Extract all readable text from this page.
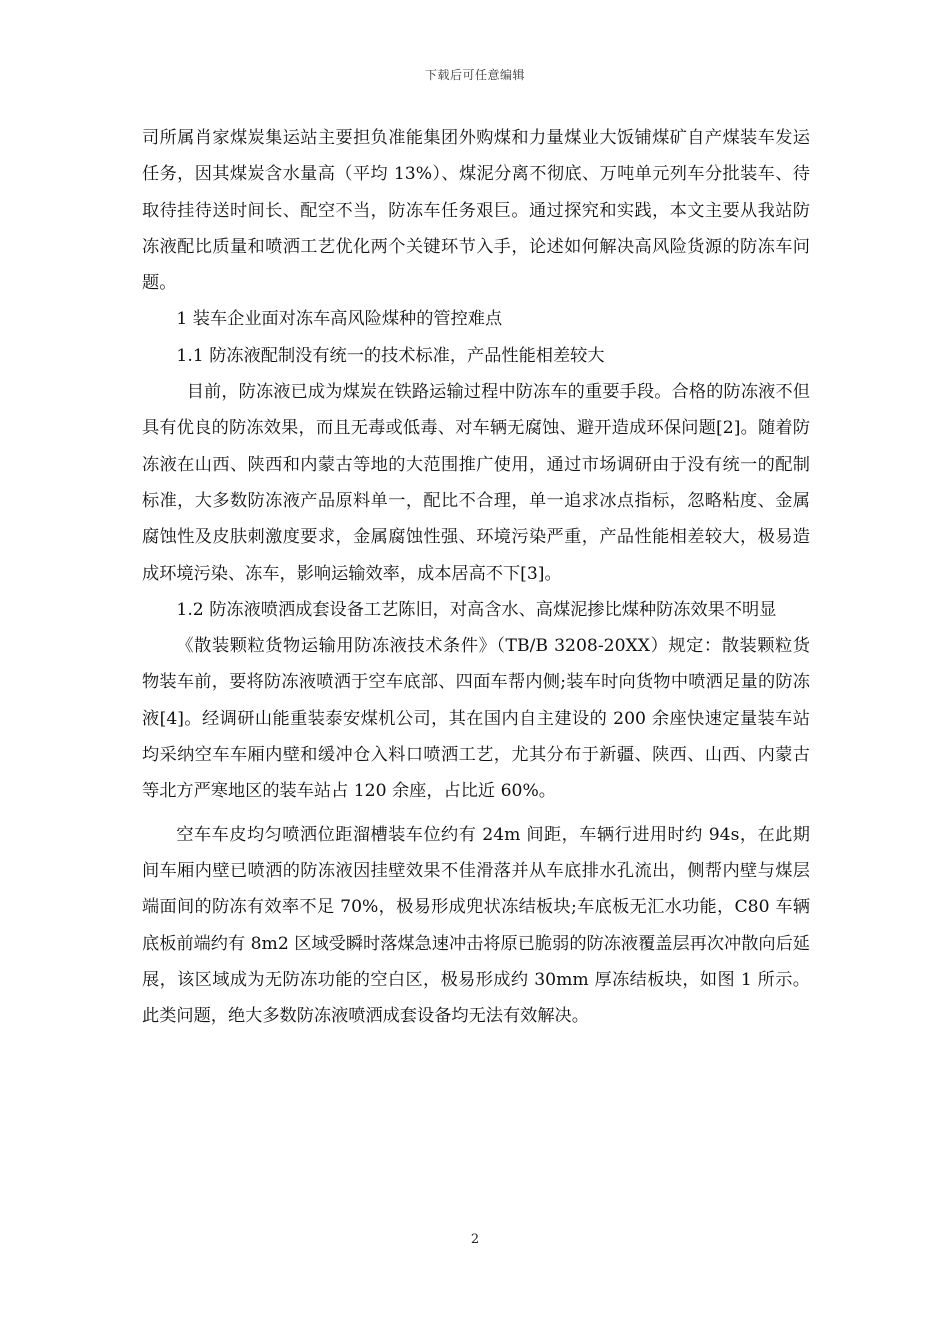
下载后可任意编辑

司所属肖家煤炭集运站主要担负准能集团外购煤和力量煤业大饭铺煤矿自产煤装车发运任务，因其煤炭含水量高（平均 13%）、煤泥分离不彻底、万吨单元列车分批装车、待取待挂待送时间长、配空不当，防冻车任务艰巨。通过探究和实践，本文主要从我站防冻液配比质量和喷洒工艺优化两个关键环节入手，论述如何解决高风险货源的防冻车问题。

1 装车企业面对冻车高风险煤种的管控难点

1.1 防冻液配制没有统一的技术标准，产品性能相差较大

目前，防冻液已成为煤炭在铁路运输过程中防冻车的重要手段。合格的防冻液不但具有优良的防冻效果，而且无毒或低毒、对车辆无腐蚀、避开造成环保问题[2]。随着防冻液在山西、陕西和内蒙古等地的大范围推广使用，通过市场调研由于没有统一的配制标准，大多数防冻液产品原料单一，配比不合理，单一追求冰点指标，忽略粘度、金属腐蚀性及皮肤刺激度要求，金属腐蚀性强、环境污染严重，产品性能相差较大，极易造成环境污染、冻车，影响运输效率，成本居高不下[3]。

1.2 防冻液喷洒成套设备工艺陈旧，对高含水、高煤泥掺比煤种防冻效果不明显

《散装颗粒货物运输用防冻液技术条件》（TB/B 3208-20XX）规定：散装颗粒货物装车前，要将防冻液喷洒于空车底部、四面车帮内侧;装车时向货物中喷洒足量的防冻液[4]。经调研山能重装泰安煤机公司，其在国内自主建设的 200 余座快速定量装车站均采纳空车车厢内壁和缓冲仓入料口喷洒工艺，尤其分布于新疆、陕西、山西、内蒙古等北方严寒地区的装车站占 120 余座，占比近 60%。

空车车皮均匀喷洒位距溜槽装车位约有 24m 间距，车辆行进用时约 94s，在此期间车厢内壁已喷洒的防冻液因挂壁效果不佳滑落并从车底排水孔流出，侧帮内壁与煤层端面间的防冻有效率不足 70%，极易形成兜状冻结板块;车底板无汇水功能，C80 车辆底板前端约有 8m2 区域受瞬时落煤急速冲击将原已脆弱的防冻液覆盖层再次冲散向后延展，该区域成为无防冻功能的空白区，极易形成约 30mm 厚冻结板块，如图 1 所示。此类问题，绝大多数防冻液喷洒成套设备均无法有效解决。

2
